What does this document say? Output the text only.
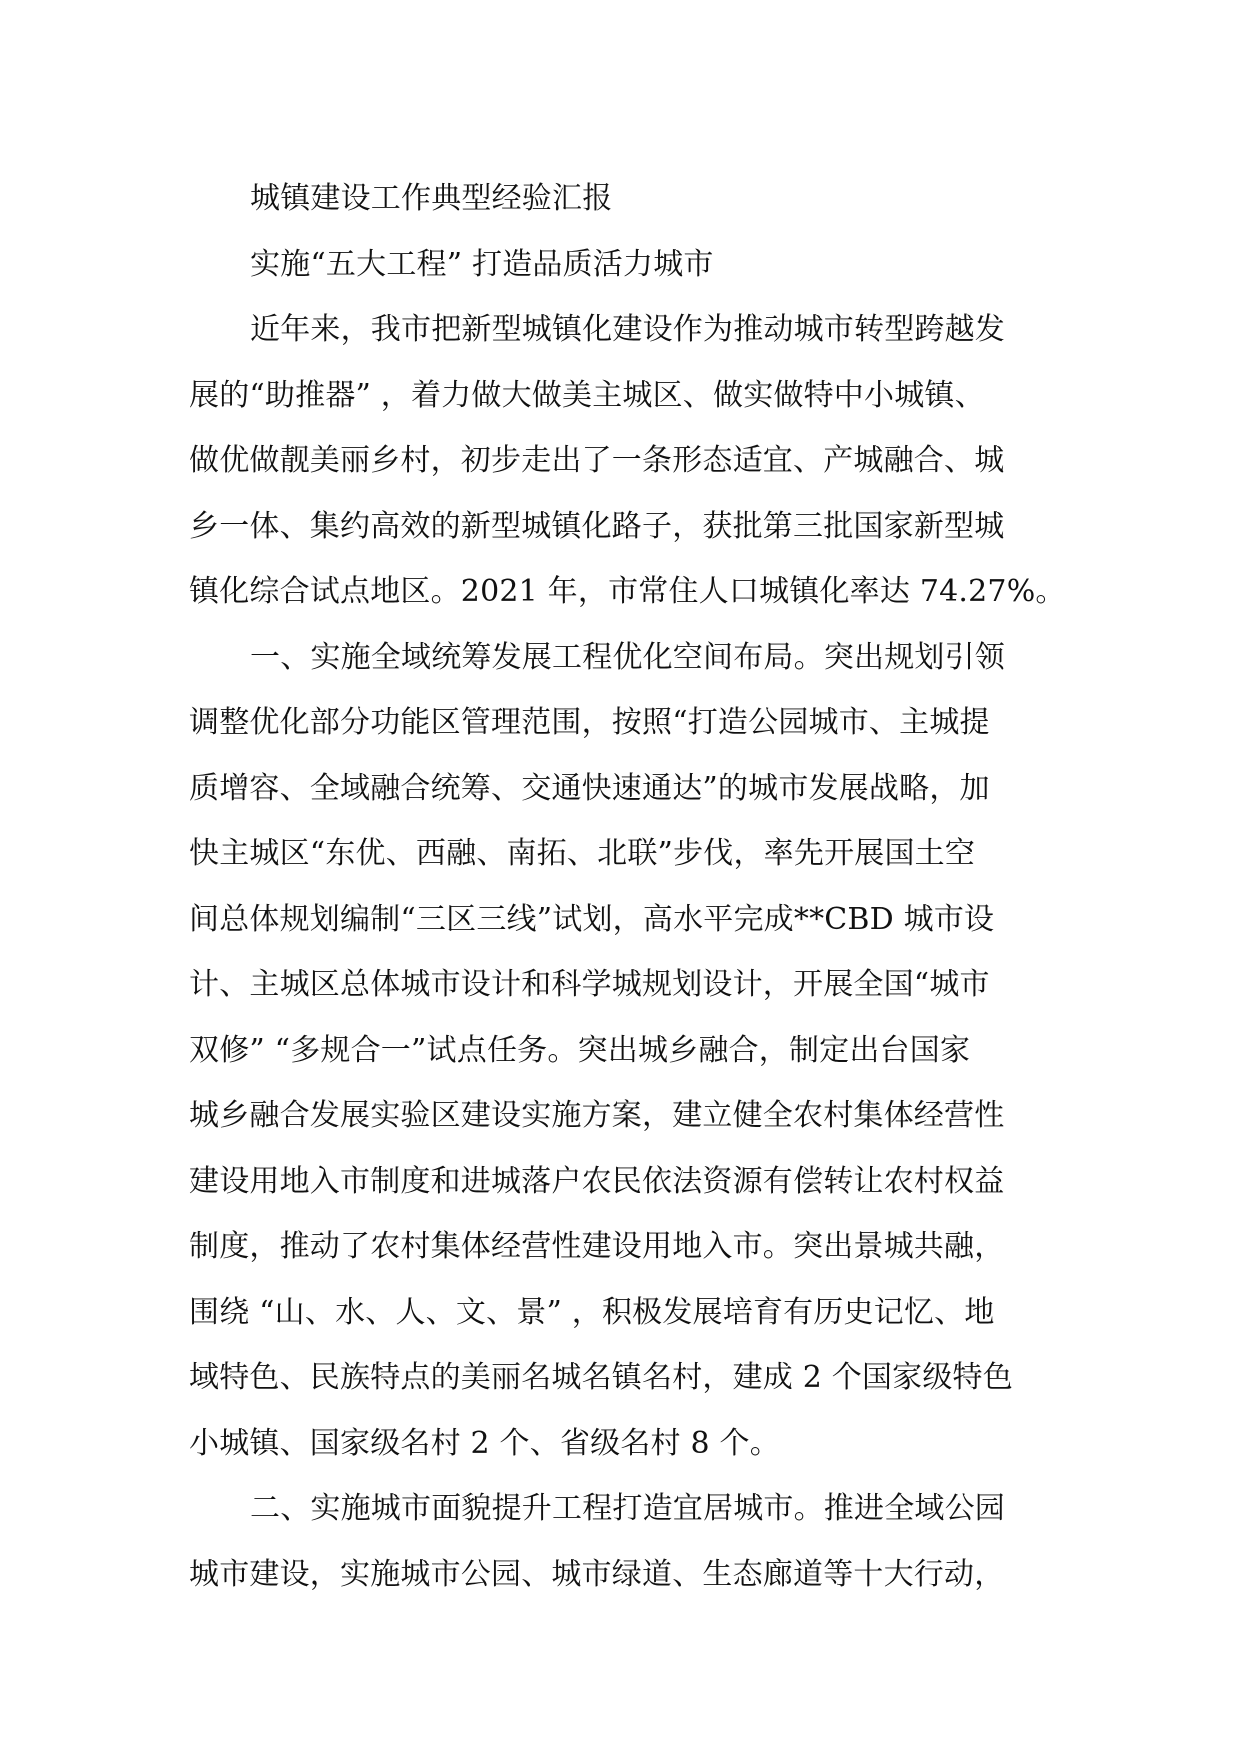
城镇建设工作典型经验汇报
实施“五大工程” 打造品质活力城市
近年来，我市把新型城镇化建设作为推动城市转型跨越发
展的“助推器” ，着力做大做美主城区、做实做特中小城镇、
做优做靓美丽乡村，初步走出了一条形态适宜、产城融合、城
乡一体、集约高效的新型城镇化路子，获批第三批国家新型城
镇化综合试点地区。2021 年，市常住人口城镇化率达 74.27%。
一、实施全域统筹发展工程优化空间布局。突出规划引领
调整优化部分功能区管理范围，按照“打造公园城市、主城提
质增容、全域融合统筹、交通快速通达”的城市发展战略，加
快主城区“东优、西融、南拓、北联”步伐，率先开展国土空
间总体规划编制“三区三线”试划，高水平完成**CBD 城市设
计、主城区总体城市设计和科学城规划设计，开展全国“城市
双修” “多规合一”试点任务。突出城乡融合，制定出台国家
城乡融合发展实验区建设实施方案，建立健全农村集体经营性
建设用地入市制度和进城落户农民依法资源有偿转让农村权益
制度，推动了农村集体经营性建设用地入市。突出景城共融，
围绕 “山、水、人、文、景” ，积极发展培育有历史记忆、地
域特色、民族特点的美丽名城名镇名村，建成 2 个国家级特色
小城镇、国家级名村 2 个、省级名村 8 个。
二、实施城市面貌提升工程打造宜居城市。推进全域公园
城市建设，实施城市公园、城市绿道、生态廊道等十大行动，
